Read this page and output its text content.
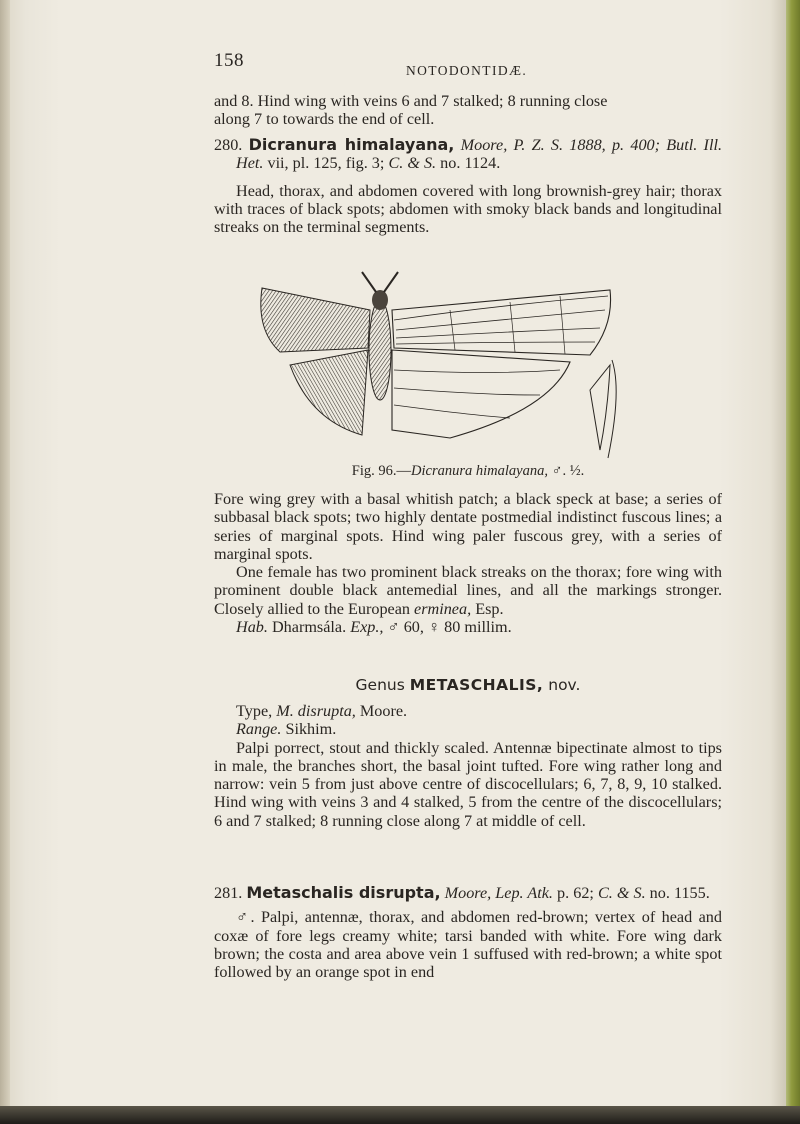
158	NOTODONTIDÆ.

and 8. Hind wing with veins 6 and 7 stalked; 8 running close

along 7 to towards the end of cell.

280. Dicranura himalayana, Moore, P. Z. S. 1888, p. 400; Butl. Ill. Het. vii, pl. 125, fig. 3; C. & S. no. 1124.

Head, thorax, and abdomen covered with long brownish-grey hair; thorax with traces of black spots; abdomen with smoky black bands and longitudinal streaks on the terminal segments.

Fig. 96.—Dicranura himalayana, ♂. ½.

Fore wing grey with a basal whitish patch; a black speck at base; a series of subbasal black spots; two highly dentate postmedial indistinct fuscous lines; a series of marginal spots. Hind wing paler fuscous grey, with a series of marginal spots.

One female has two prominent black streaks on the thorax; fore wing with prominent double black antemedial lines, and all the markings stronger. Closely allied to the European erminea, Esp.

Hab. Dharmsála. Exp., ♂ 60, ♀ 80 millim.

Genus METASCHALIS, nov.

Type, M. disrupta, Moore.

Range. Sikhim.

Palpi porrect, stout and thickly scaled. Antennæ bipectinate almost to tips in male, the branches short, the basal joint tufted. Fore wing rather long and narrow: vein 5 from just above centre of discocellulars; 6, 7, 8, 9, 10 stalked. Hind wing with veins 3 and 4 stalked, 5 from the centre of the discocellulars; 6 and 7 stalked; 8 running close along 7 at middle of cell.

281. Metaschalis disrupta, Moore, Lep. Atk. p. 62; C. & S. no. 1155.

♂. Palpi, antennæ, thorax, and abdomen red-brown; vertex of head and coxæ of fore legs creamy white; tarsi banded with white. Fore wing dark brown; the costa and area above vein 1 suffused with red-brown; a white spot followed by an orange spot in end
